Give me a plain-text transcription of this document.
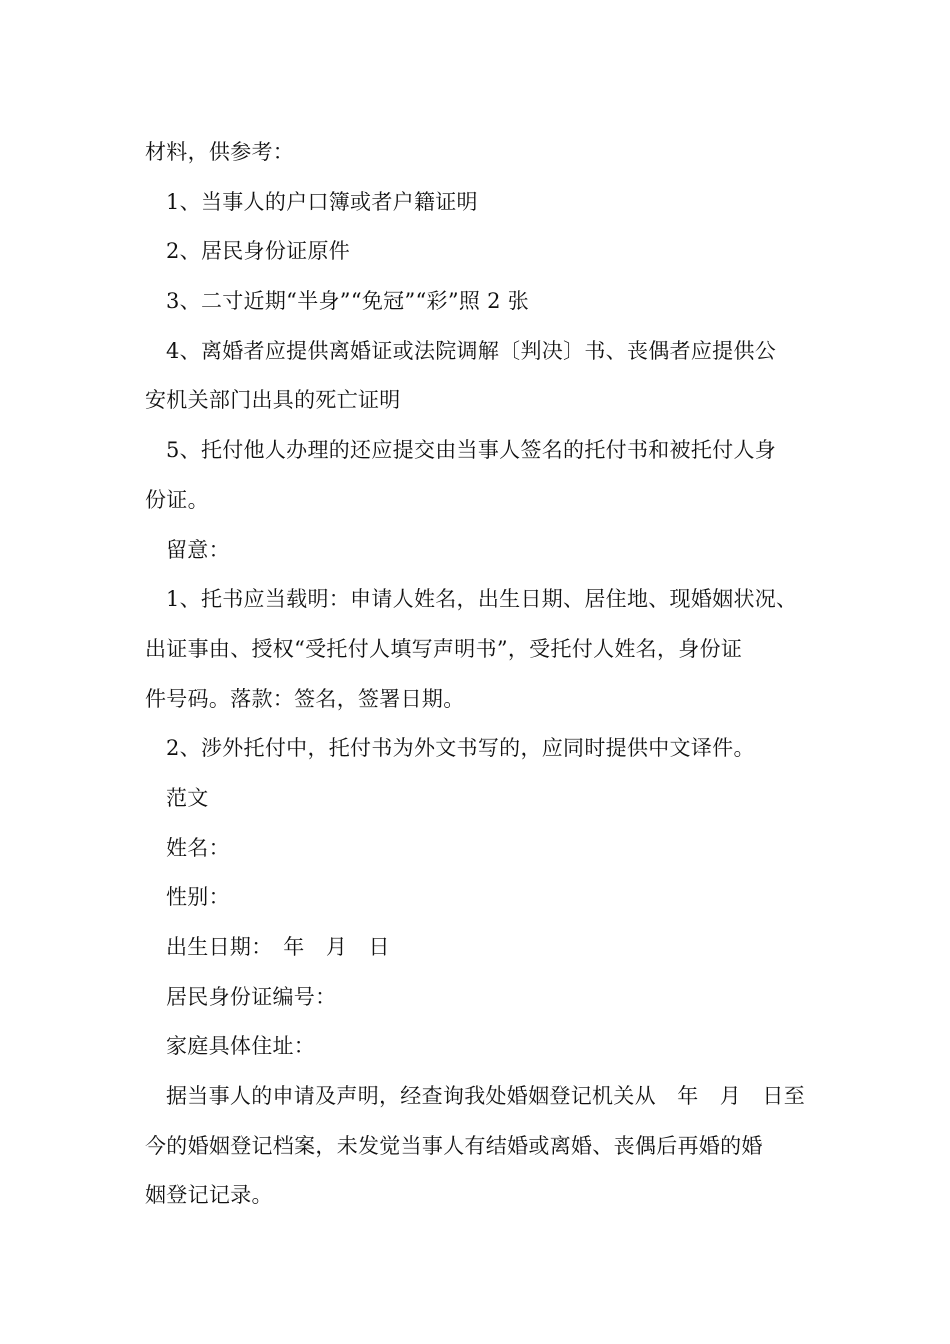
材料，供参考：
1、当事人的户口簿或者户籍证明
2、居民身份证原件
3、二寸近期“半身”“免冠”“彩”照 2 张
4、离婚者应提供离婚证或法院调解〔判决〕书、丧偶者应提供公
安机关部门出具的死亡证明
5、托付他人办理的还应提交由当事人签名的托付书和被托付人身
份证。
留意：
1、托书应当载明：申请人姓名，出生日期、居住地、现婚姻状况、
出证事由、授权“受托付人填写声明书”，受托付人姓名，身份证
件号码。落款：签名，签署日期。
2、涉外托付中，托付书为外文书写的，应同时提供中文译件。
范文
姓名：
性别：
出生日期：　年　月　日
居民身份证编号：
家庭具体住址：
据当事人的申请及声明，经查询我处婚姻登记机关从　年　月　日至
今的婚姻登记档案，未发觉当事人有结婚或离婚、丧偶后再婚的婚
姻登记记录。
